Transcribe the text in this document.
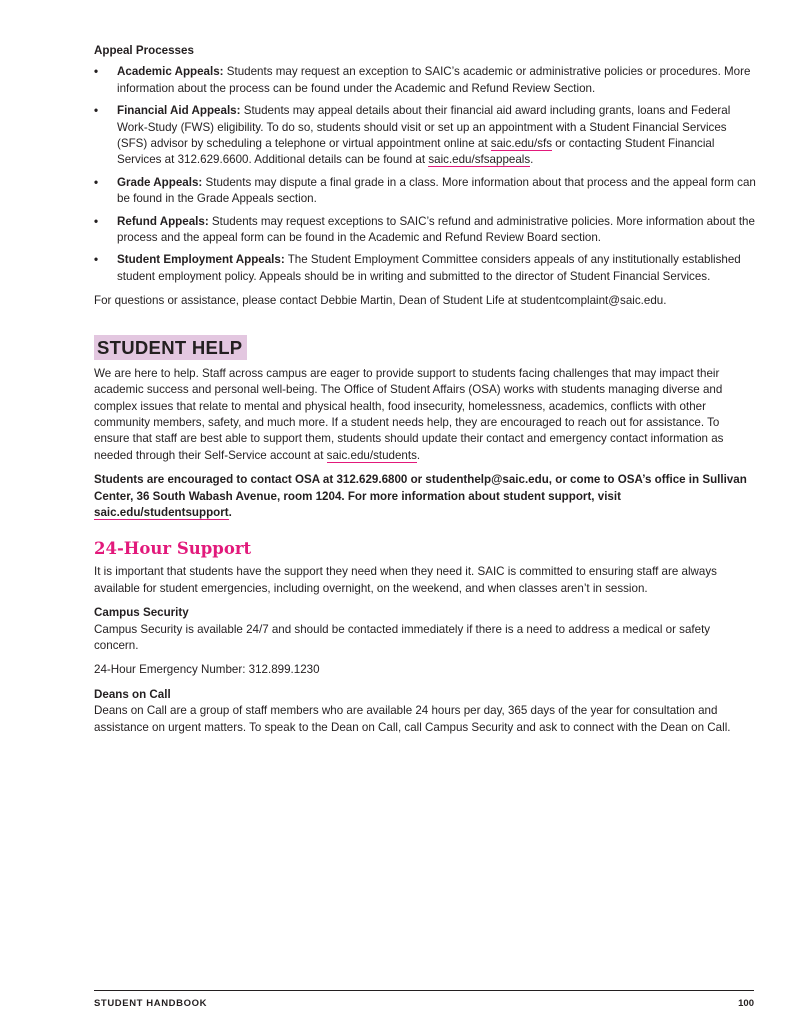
Appeal Processes

• Academic Appeals: Students may request an exception to SAIC’s academic or administrative policies or procedures. More information about the process can be found under the Academic and Refund Review Section.
• Financial Aid Appeals: Students may appeal details about their financial aid award including grants, loans and Federal Work-Study (FWS) eligibility. To do so, students should visit or set up an appointment with a Student Financial Services (SFS) advisor by scheduling a telephone or virtual appointment online at saic.edu/sfs or contacting Student Financial Services at 312.629.6600. Additional details can be found at saic.edu/sfsappeals.
• Grade Appeals: Students may dispute a final grade in a class. More information about that process and the appeal form can be found in the Grade Appeals section.
• Refund Appeals: Students may request exceptions to SAIC’s refund and administrative policies. More information about the process and the appeal form can be found in the Academic and Refund Review Board section.
• Student Employment Appeals: The Student Employment Committee considers appeals of any institutionally established student employment policy. Appeals should be in writing and submitted to the director of Student Financial Services.

For questions or assistance, please contact Debbie Martin, Dean of Student Life at studentcomplaint@saic.edu.

STUDENT HELP

We are here to help. Staff across campus are eager to provide support to students facing challenges that may impact their academic success and personal well-being. The Office of Student Affairs (OSA) works with students managing diverse and complex issues that relate to mental and physical health, food insecurity, homelessness, academics, conflicts with other community members, safety, and much more. If a student needs help, they are encouraged to reach out for assistance. To ensure that staff are best able to support them, students should update their contact and emergency contact information as needed through their Self-Service account at saic.edu/students.

Students are encouraged to contact OSA at 312.629.6800 or studenthelp@saic.edu, or come to OSA’s office in Sullivan Center, 36 South Wabash Avenue, room 1204. For more information about student support, visit saic.edu/studentsupport.

24-Hour Support

It is important that students have the support they need when they need it. SAIC is committed to ensuring staff are always available for student emergencies, including overnight, on the weekend, and when classes aren’t in session.

Campus Security

Campus Security is available 24/7 and should be contacted immediately if there is a need to address a medical or safety concern.

24-Hour Emergency Number: 312.899.1230

Deans on Call

Deans on Call are a group of staff members who are available 24 hours per day, 365 days of the year for consultation and assistance on urgent matters. To speak to the Dean on Call, call Campus Security and ask to connect with the Dean on Call.

STUDENT HANDBOOK	100
